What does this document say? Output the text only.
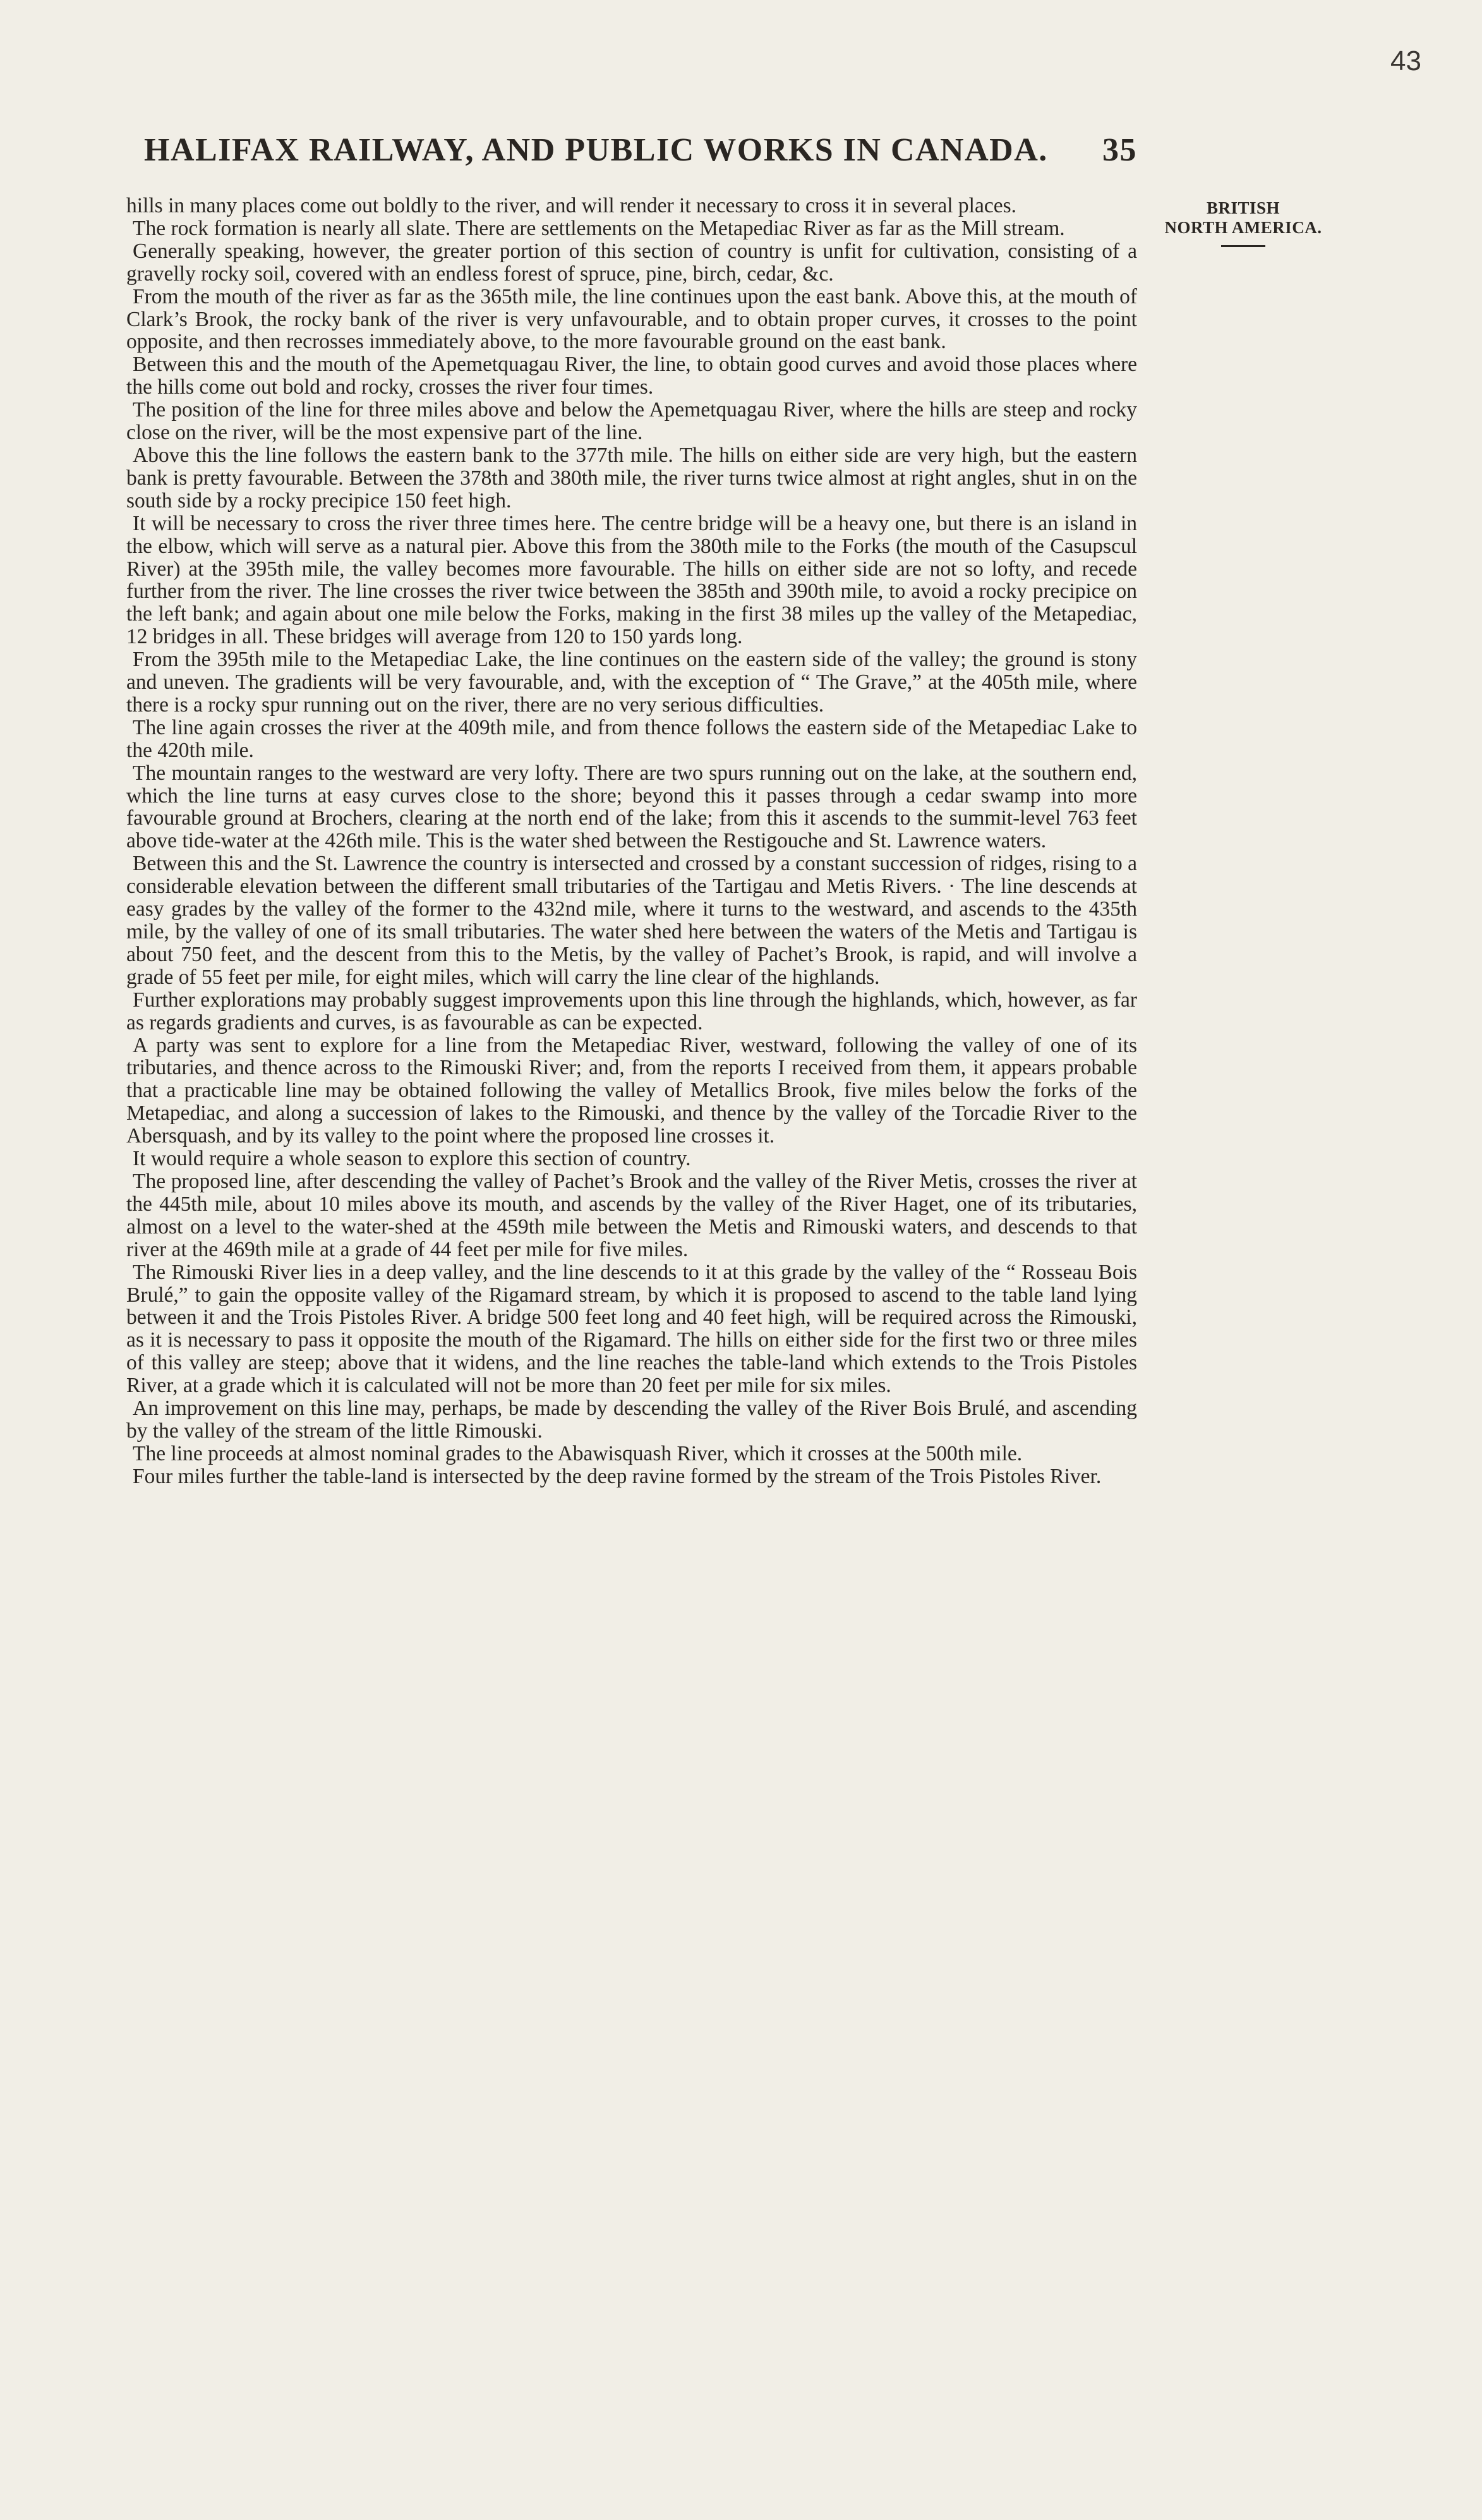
43
HALIFAX RAILWAY, AND PUBLIC WORKS IN CANADA. 35
BRITISH
NORTH AMERICA.

hills in many places come out boldly to the river, and will render it necessary to cross it in several places.

The rock formation is nearly all slate. There are settlements on the Metapediac River as far as the Mill stream.

Generally speaking, however, the greater portion of this section of country is unfit for cultivation, consisting of a gravelly rocky soil, covered with an endless forest of spruce, pine, birch, cedar, &c.

From the mouth of the river as far as the 365th mile, the line continues upon the east bank. Above this, at the mouth of Clark’s Brook, the rocky bank of the river is very unfavourable, and to obtain proper curves, it crosses to the point opposite, and then recrosses immediately above, to the more favourable ground on the east bank.

Between this and the mouth of the Apemetquagau River, the line, to obtain good curves and avoid those places where the hills come out bold and rocky, crosses the river four times.

The position of the line for three miles above and below the Apemetquagau River, where the hills are steep and rocky close on the river, will be the most expensive part of the line.

Above this the line follows the eastern bank to the 377th mile. The hills on either side are very high, but the eastern bank is pretty favourable. Between the 378th and 380th mile, the river turns twice almost at right angles, shut in on the south side by a rocky precipice 150 feet high.

It will be necessary to cross the river three times here. The centre bridge will be a heavy one, but there is an island in the elbow, which will serve as a natural pier. Above this from the 380th mile to the Forks (the mouth of the Casupscul River) at the 395th mile, the valley becomes more favourable. The hills on either side are not so lofty, and recede further from the river. The line crosses the river twice between the 385th and 390th mile, to avoid a rocky precipice on the left bank; and again about one mile below the Forks, making in the first 38 miles up the valley of the Metapediac, 12 bridges in all. These bridges will average from 120 to 150 yards long.

From the 395th mile to the Metapediac Lake, the line continues on the eastern side of the valley; the ground is stony and uneven. The gradients will be very favourable, and, with the exception of “ The Grave,” at the 405th mile, where there is a rocky spur running out on the river, there are no very serious difficulties.

The line again crosses the river at the 409th mile, and from thence follows the eastern side of the Metapediac Lake to the 420th mile.

The mountain ranges to the westward are very lofty. There are two spurs running out on the lake, at the southern end, which the line turns at easy curves close to the shore; beyond this it passes through a cedar swamp into more favourable ground at Brochers, clearing at the north end of the lake; from this it ascends to the summit-level 763 feet above tide-water at the 426th mile. This is the water shed between the Restigouche and St. Lawrence waters.

Between this and the St. Lawrence the country is intersected and crossed by a constant succession of ridges, rising to a considerable elevation between the different small tributaries of the Tartigau and Metis Rivers. · The line descends at easy grades by the valley of the former to the 432nd mile, where it turns to the westward, and ascends to the 435th mile, by the valley of one of its small tributaries. The water shed here between the waters of the Metis and Tartigau is about 750 feet, and the descent from this to the Metis, by the valley of Pachet’s Brook, is rapid, and will involve a grade of 55 feet per mile, for eight miles, which will carry the line clear of the highlands.

Further explorations may probably suggest improvements upon this line through the highlands, which, however, as far as regards gradients and curves, is as favourable as can be expected.

A party was sent to explore for a line from the Metapediac River, westward, following the valley of one of its tributaries, and thence across to the Rimouski River; and, from the reports I received from them, it appears probable that a practicable line may be obtained following the valley of Metallics Brook, five miles below the forks of the Metapediac, and along a succession of lakes to the Rimouski, and thence by the valley of the Torcadie River to the Abersquash, and by its valley to the point where the proposed line crosses it.

It would require a whole season to explore this section of country.

The proposed line, after descending the valley of Pachet’s Brook and the valley of the River Metis, crosses the river at the 445th mile, about 10 miles above its mouth, and ascends by the valley of the River Haget, one of its tributaries, almost on a level to the water-shed at the 459th mile between the Metis and Rimouski waters, and descends to that river at the 469th mile at a grade of 44 feet per mile for five miles.

The Rimouski River lies in a deep valley, and the line descends to it at this grade by the valley of the “ Rosseau Bois Brulé,” to gain the opposite valley of the Rigamard stream, by which it is proposed to ascend to the table land lying between it and the Trois Pistoles River. A bridge 500 feet long and 40 feet high, will be required across the Rimouski, as it is necessary to pass it opposite the mouth of the Rigamard. The hills on either side for the first two or three miles of this valley are steep; above that it widens, and the line reaches the table-land which extends to the Trois Pistoles River, at a grade which it is calculated will not be more than 20 feet per mile for six miles.

An improvement on this line may, perhaps, be made by descending the valley of the River Bois Brulé, and ascending by the valley of the stream of the little Rimouski.

The line proceeds at almost nominal grades to the Abawisquash River, which it crosses at the 500th mile.

Four miles further the table-land is intersected by the deep ravine formed by the stream of the Trois Pistoles River.
